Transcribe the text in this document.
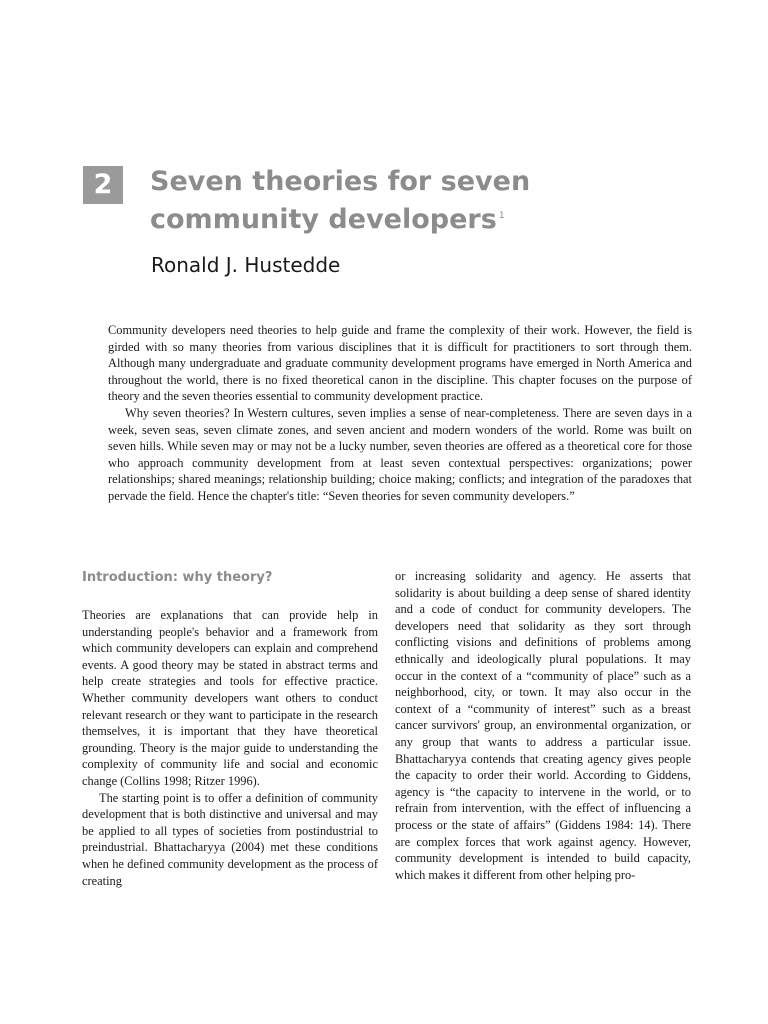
2	Seven theories for seven
community developers $^1$
Ronald J. Hustedde

Community developers need theories to help guide and frame the complexity of their work. However, the field is girded with so many theories from various disciplines that it is difficult for practitioners to sort through them. Although many undergraduate and graduate community development programs have emerged in North America and throughout the world, there is no fixed theoretical canon in the discipline. This chapter focuses on the purpose of theory and the seven theories essential to community development practice.

Why seven theories? In Western cultures, seven implies a sense of near-completeness. There are seven days in a week, seven seas, seven climate zones, and seven ancient and modern wonders of the world. Rome was built on seven hills. While seven may or may not be a lucky number, seven theories are offered as a theoretical core for those who approach community development from at least seven contextual perspectives: organizations; power relationships; shared meanings; relationship building; choice making; conflicts; and integration of the paradoxes that pervade the field. Hence the chapter's title: “Seven theories for seven community developers.”

Introduction: why theory?

Theories are explanations that can provide help in understanding people's behavior and a framework from which community developers can explain and comprehend events. A good theory may be stated in abstract terms and help create strategies and tools for effective practice. Whether community developers want others to conduct relevant research or they want to participate in the research themselves, it is important that they have theoretical grounding. Theory is the major guide to understanding the complexity of community life and social and economic change (Collins 1998; Ritzer 1996).

The starting point is to offer a definition of community development that is both distinctive and universal and may be applied to all types of societies from postindustrial to preindustrial. Bhattacharyya (2004) met these conditions when he defined community development as the process of creating

or increasing solidarity and agency. He asserts that solidarity is about building a deep sense of shared identity and a code of conduct for community developers. The developers need that solidarity as they sort through conflicting visions and definitions of problems among ethnically and ideologically plural populations. It may occur in the context of a “community of place” such as a neighborhood, city, or town. It may also occur in the context of a “community of interest” such as a breast cancer survivors' group, an environmental organization, or any group that wants to address a particular issue. Bhattacharyya contends that creating agency gives people the capacity to order their world. According to Giddens, agency is “the capacity to intervene in the world, or to refrain from intervention, with the effect of influencing a process or the state of affairs” (Giddens 1984: 14). There are complex forces that work against agency. However, community development is intended to build capacity, which makes it different from other helping pro-
